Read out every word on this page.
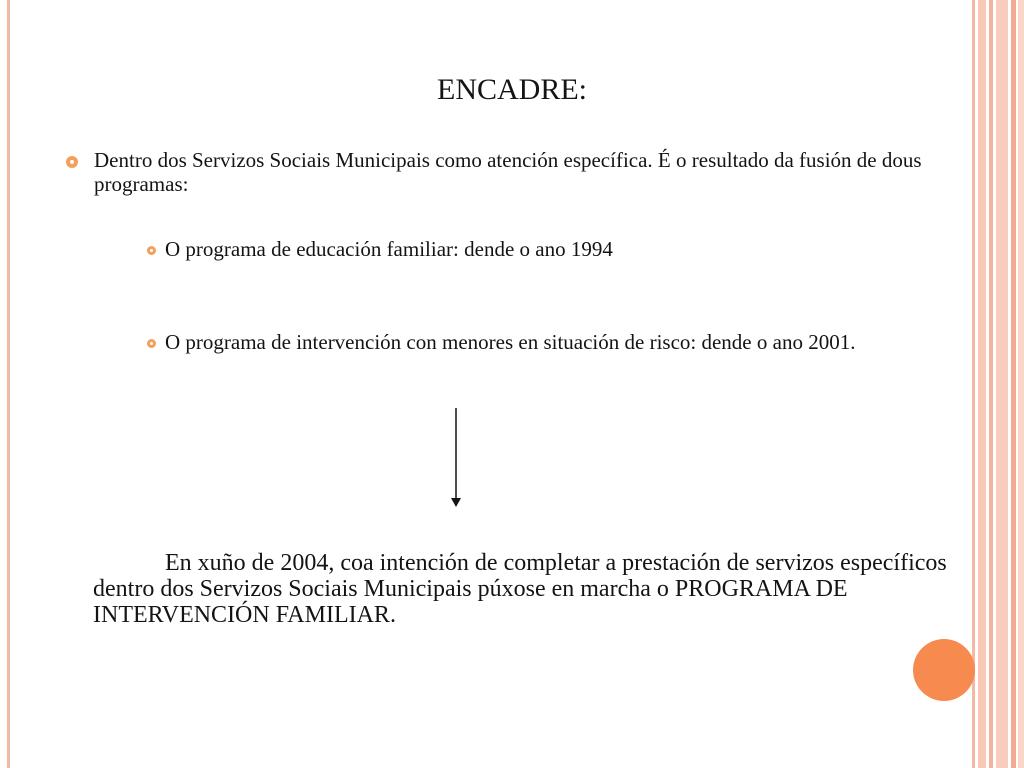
ENCADRE:
Dentro dos Servizos Sociais Municipais como atención específica. É o resultado da fusión de dous programas:
O programa de educación familiar: dende o ano 1994
O programa de intervención con menores en situación de risco: dende o ano 2001.

En xuño de 2004, coa intención de completar a prestación de servizos específicos dentro dos Servizos Sociais Municipais púxose en marcha o PROGRAMA DE INTERVENCIÓN FAMILIAR.
